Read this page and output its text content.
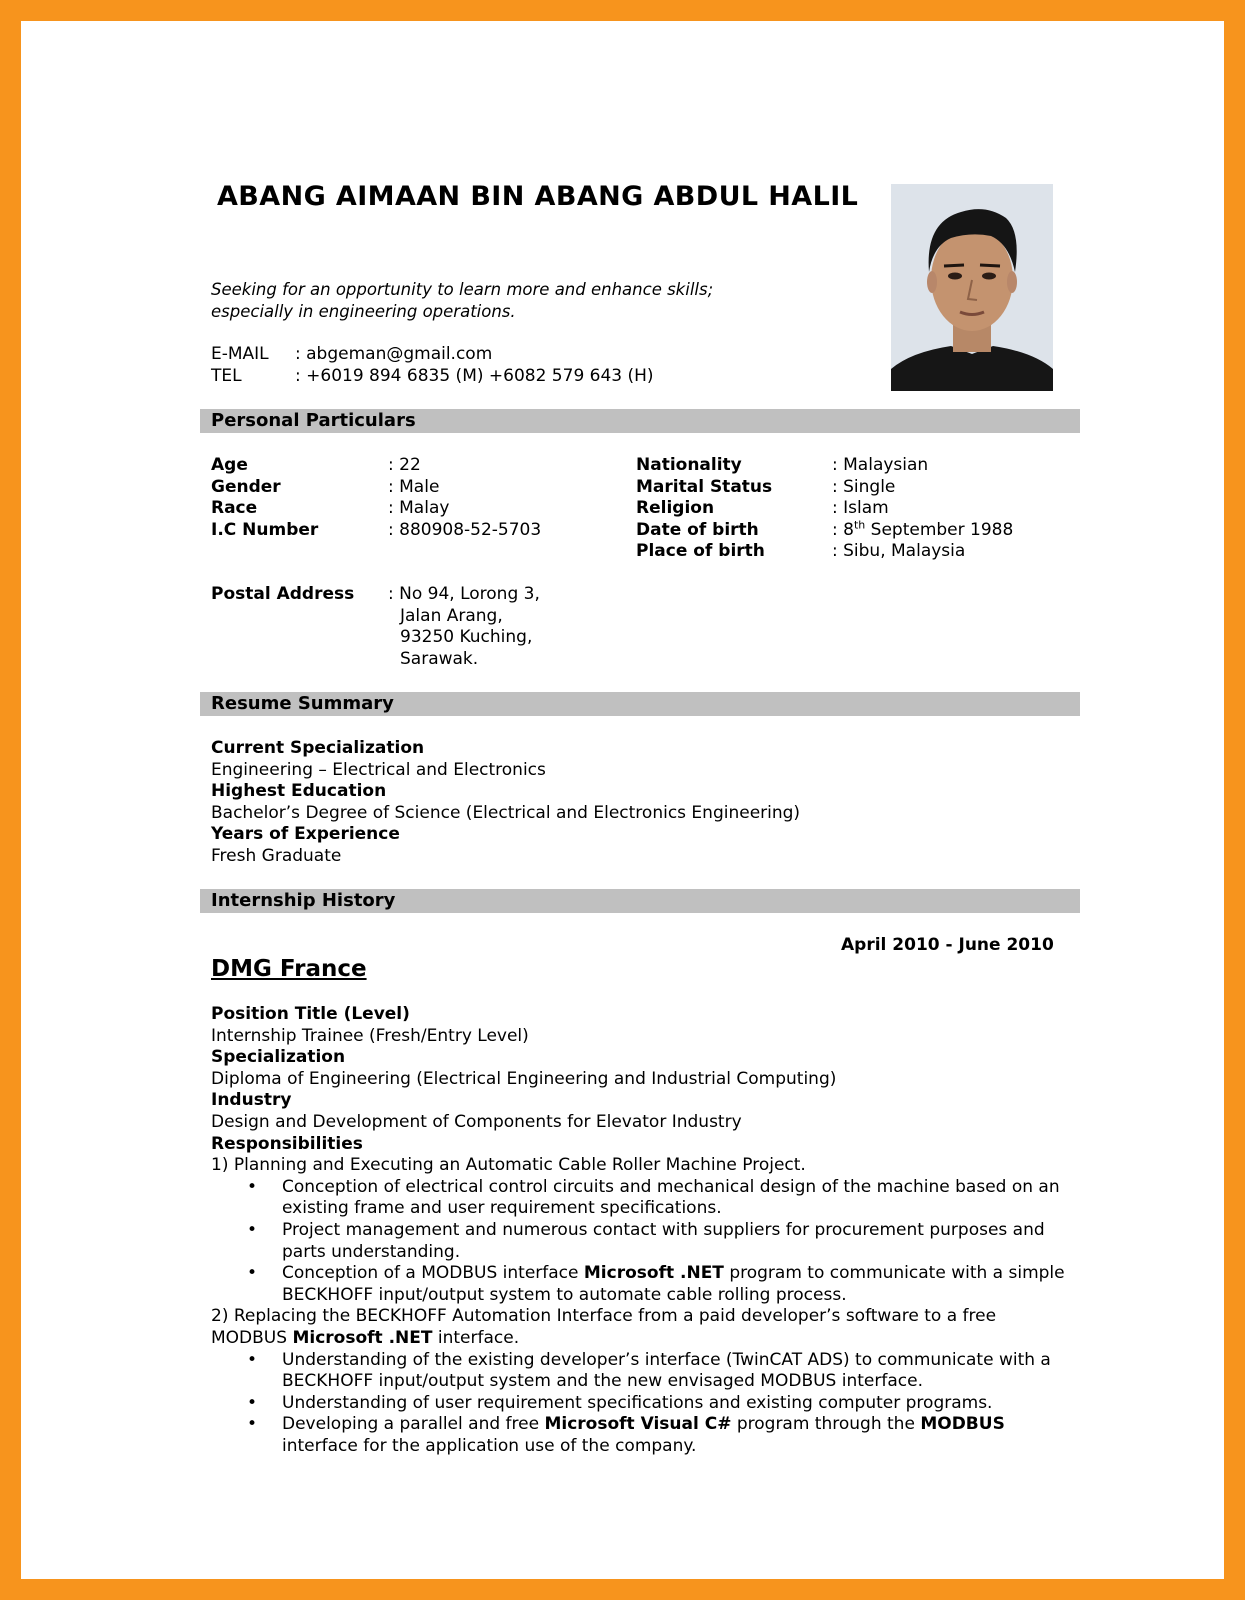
ABANG AIMAAN BIN ABANG ABDUL HALIL
Seeking for an opportunity to learn more and enhance skills;
especially in engineering operations.
E-MAIL : abgeman@gmail.com
TEL	: +6019 894 6835 (M) +6082 579 643 (H)
Personal Particulars
Age	: 22
Gender	: Male
Race	: Malay
I.C Number	: 880908-52-5703
Nationality	: Malaysian
Marital Status	: Single
Religion	: Islam
Date of birth	: 8th September 1988
Place of birth	: Sibu, Malaysia
Postal Address : No 94, Lorong 3,
Jalan Arang,
93250 Kuching,
Sarawak.
Resume Summary
Current Specialization
Engineering – Electrical and Electronics
Highest Education
Bachelor’s Degree of Science (Electrical and Electronics Engineering)
Years of Experience
Fresh Graduate
Internship History
April 2010 - June 2010
DMG France
Position Title (Level)
Internship Trainee (Fresh/Entry Level)
Specialization
Diploma of Engineering (Electrical Engineering and Industrial Computing)
Industry
Design and Development of Components for Elevator Industry
Responsibilities
1) Planning and Executing an Automatic Cable Roller Machine Project.
• Conception of electrical control circuits and mechanical design of the machine based on an existing frame and user requirement specifications.
• Project management and numerous contact with suppliers for procurement purposes and parts understanding.
• Conception of a MODBUS interface Microsoft .NET program to communicate with a simple BECKHOFF input/output system to automate cable rolling process.
2) Replacing the BECKHOFF Automation Interface from a paid developer’s software to a free MODBUS Microsoft .NET interface.
• Understanding of the existing developer’s interface (TwinCAT ADS) to communicate with a BECKHOFF input/output system and the new envisaged MODBUS interface.
• Understanding of user requirement specifications and existing computer programs.
• Developing a parallel and free Microsoft Visual C# program through the MODBUS interface for the application use of the company.
